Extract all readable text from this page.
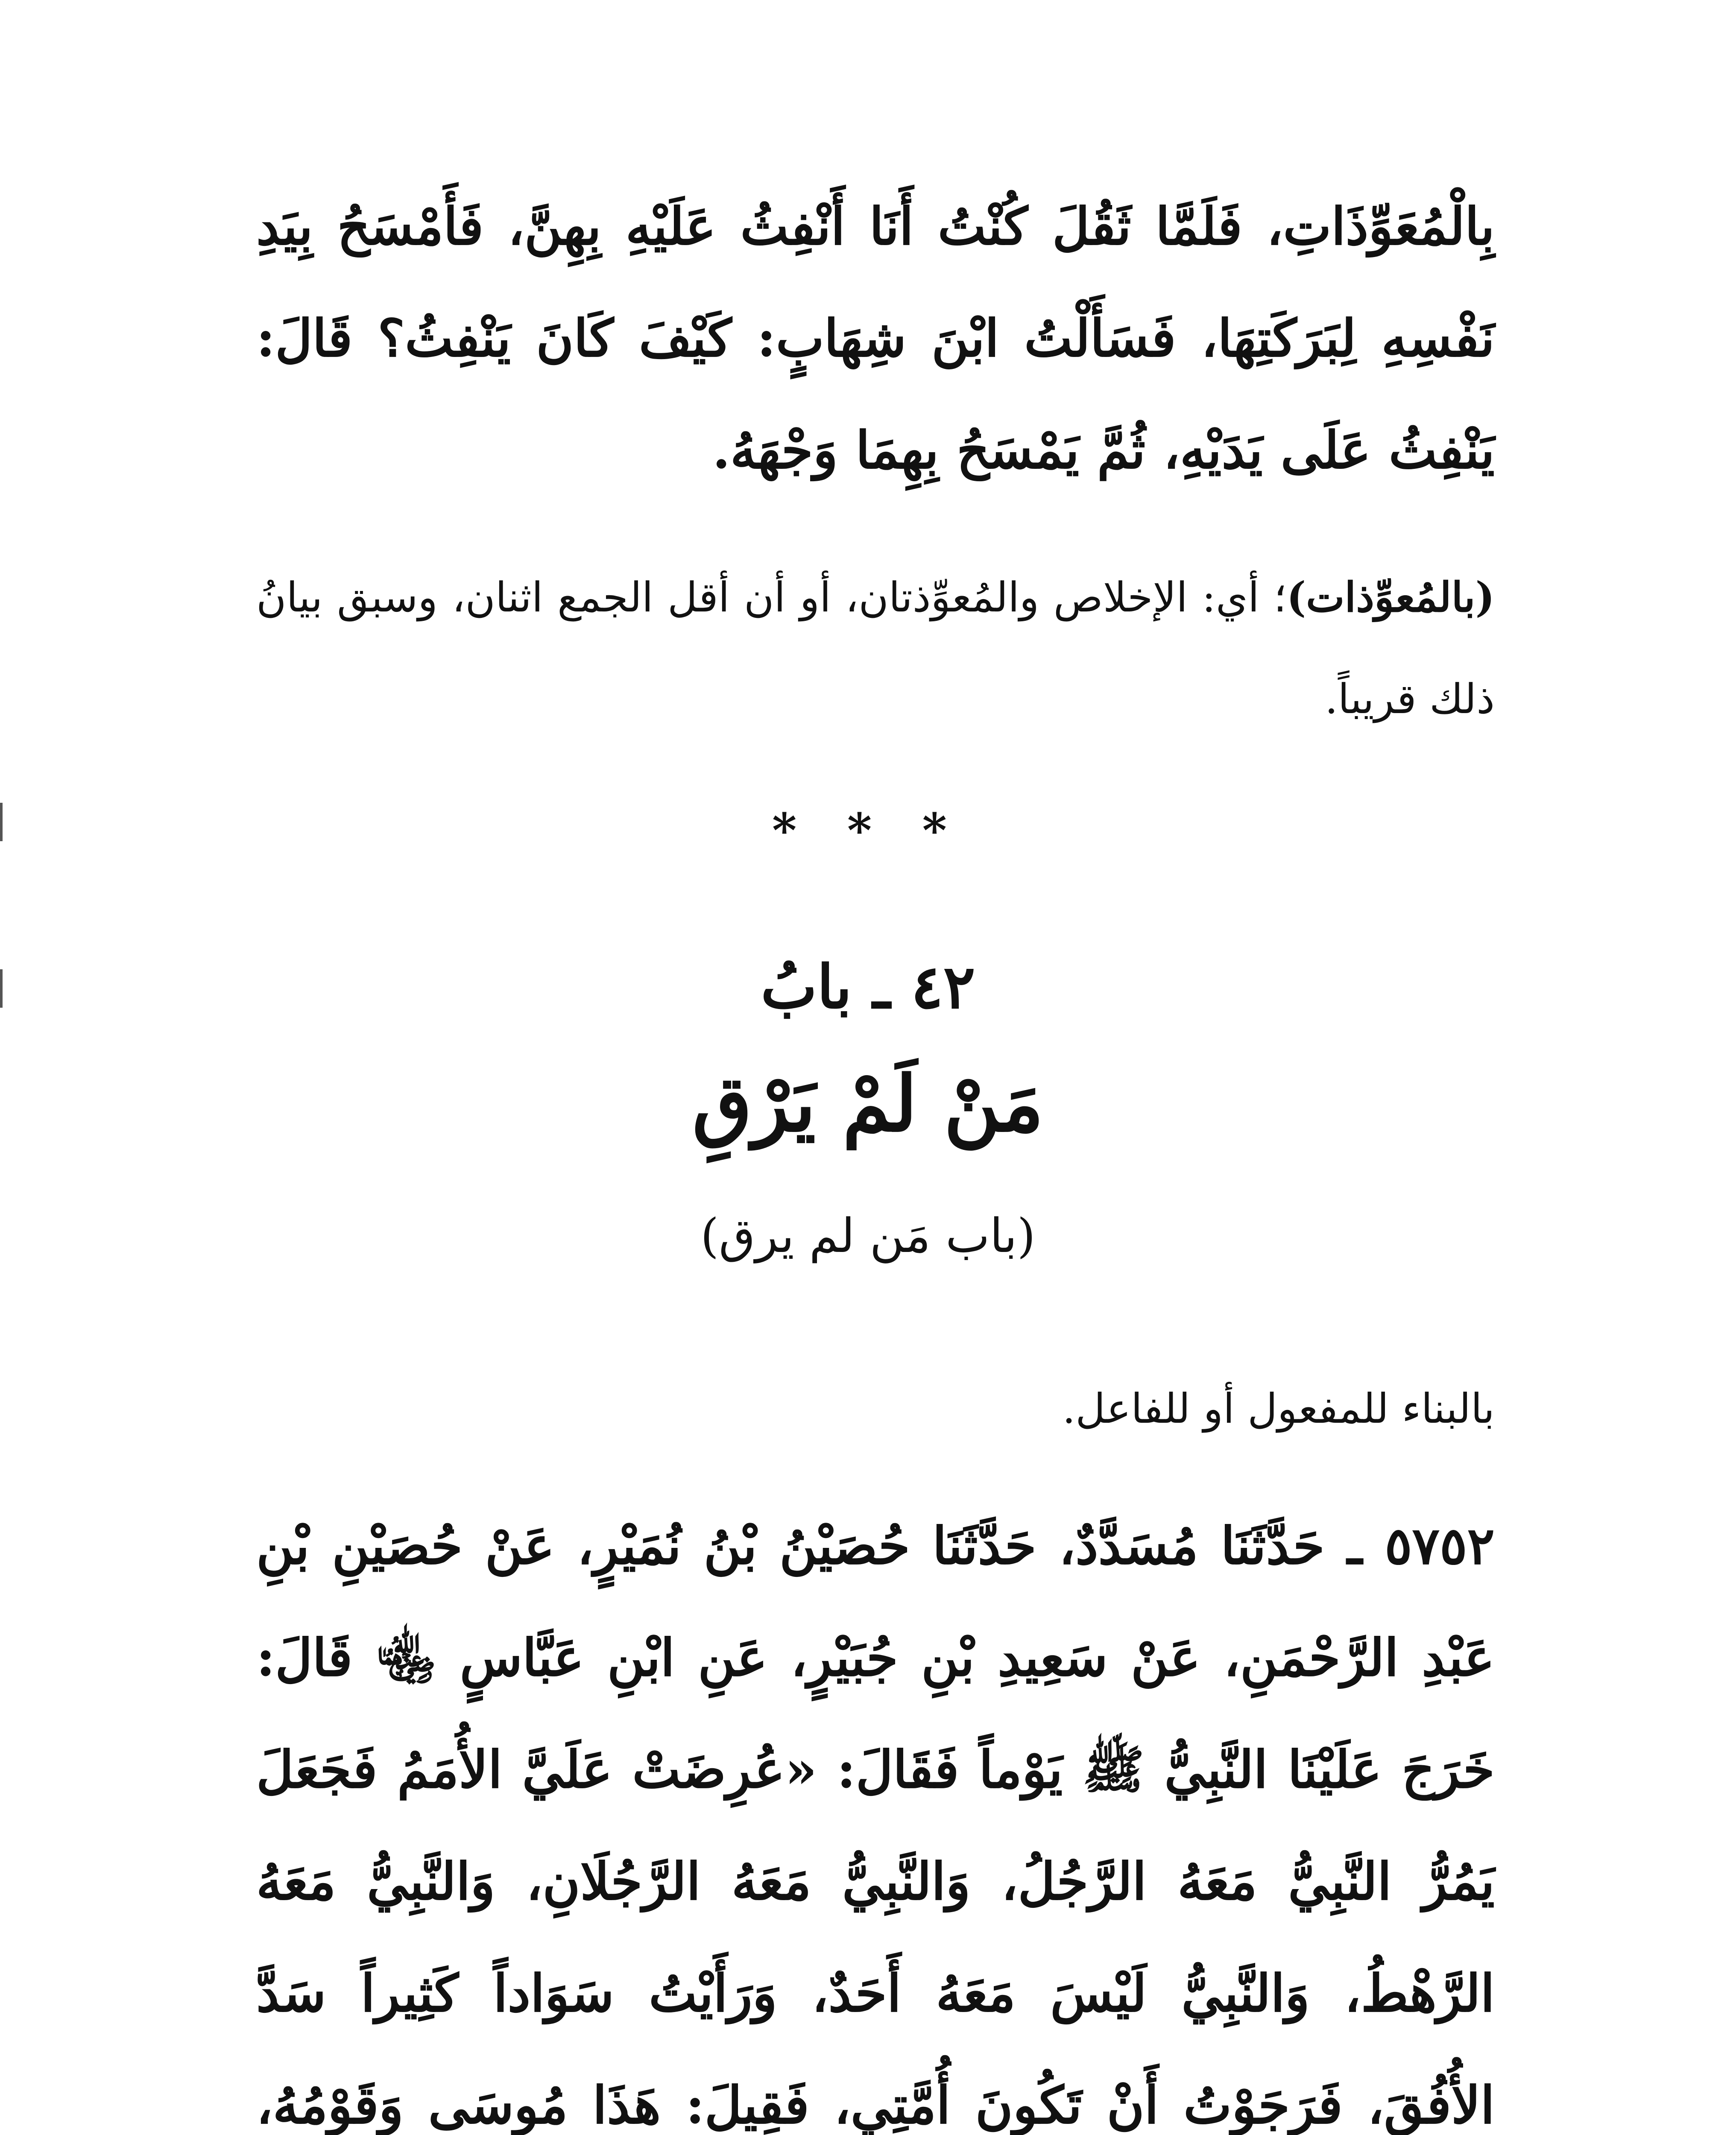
بِالْمُعَوِّذَاتِ، فَلَمَّا ثَقُلَ كُنْتُ أَنَا أَنْفِثُ عَلَيْهِ بِهِنَّ، فَأَمْسَحُ بِيَدِ نَفْسِهِ لِبَرَكَتِهَا، فَسَأَلْتُ ابْنَ شِهَابٍ: كَيْفَ كَانَ يَنْفِثُ؟ قَالَ: يَنْفِثُ عَلَى يَدَيْهِ، ثُمَّ يَمْسَحُ بِهِمَا وَجْهَهُ.

(بالمُعوِّذات)؛ أي: الإخلاص والمُعوِّذتان، أو أن أقل الجمع اثنان، وسبق بيانُ ذلك قريباً.

* * *
٤٢ ـ بابُ
مَنْ لَمْ يَرْقِ
(باب مَن لم يرق)

بالبناء للمفعول أو للفاعل.

٥٧٥٢ ـ حَدَّثَنَا مُسَدَّدٌ، حَدَّثَنَا حُصَيْنُ بْنُ نُمَيْرٍ، عَنْ حُصَيْنِ بْنِ عَبْدِ الرَّحْمَنِ، عَنْ سَعِيدِ بْنِ جُبَيْرٍ، عَنِ ابْنِ عَبَّاسٍ ﵄ قَالَ: خَرَجَ عَلَيْنَا النَّبِيُّ ﷺ يَوْماً فَقَالَ: «عُرِضَتْ عَلَيَّ الأُمَمُ فَجَعَلَ يَمُرُّ النَّبِيُّ مَعَهُ الرَّجُلُ، وَالنَّبِيُّ مَعَهُ الرَّجُلَانِ، وَالنَّبِيُّ مَعَهُ الرَّهْطُ، وَالنَّبِيُّ لَيْسَ مَعَهُ أَحَدٌ، وَرَأَيْتُ سَوَاداً كَثِيراً سَدَّ الأُفُقَ، فَرَجَوْتُ أَنْ تَكُونَ أُمَّتِي، فَقِيلَ: هَذَا مُوسَى وَقَوْمُهُ،
